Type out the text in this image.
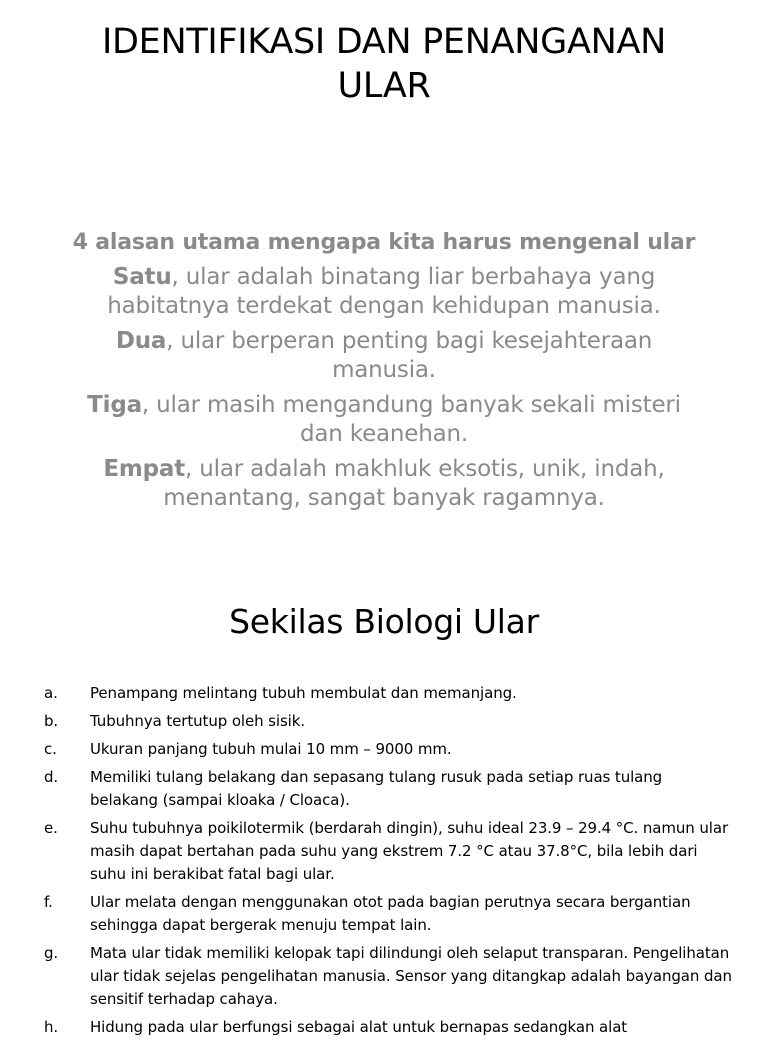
IDENTIFIKASI DAN PENANGANAN
ULAR

4 alasan utama mengapa kita harus mengenal ular

Satu, ular adalah binatang liar berbahaya yang habitatnya terdekat dengan kehidupan manusia.

Dua, ular berperan penting bagi kesejahteraan manusia.

Tiga, ular masih mengandung banyak sekali misteri dan keanehan.

Empat, ular adalah makhluk eksotis, unik, indah, menantang, sangat banyak ragamnya.

Sekilas Biologi Ular
a.	Penampang melintang tubuh membulat dan memanjang.
b.	Tubuhnya tertutup oleh sisik.
c.	Ukuran panjang tubuh mulai 10 mm – 9000 mm.
d.	Memiliki tulang belakang dan sepasang tulang rusuk pada setiap ruas tulang belakang (sampai kloaka / Cloaca).
e.	Suhu tubuhnya poikilotermik (berdarah dingin), suhu ideal 23.9 – 29.4 °C. namun ular masih dapat bertahan pada suhu yang ekstrem 7.2 °C atau 37.8°C, bila lebih dari suhu ini berakibat fatal bagi ular.
f.	Ular melata dengan menggunakan otot pada bagian perutnya secara bergantian sehingga dapat bergerak menuju tempat lain.
g.	Mata ular tidak memiliki kelopak tapi dilindungi oleh selaput transparan. Pengelihatan ular tidak sejelas pengelihatan manusia. Sensor yang ditangkap adalah bayangan dan sensitif terhadap cahaya.
h.	Hidung pada ular berfungsi sebagai alat untuk bernapas sedangkan alat
